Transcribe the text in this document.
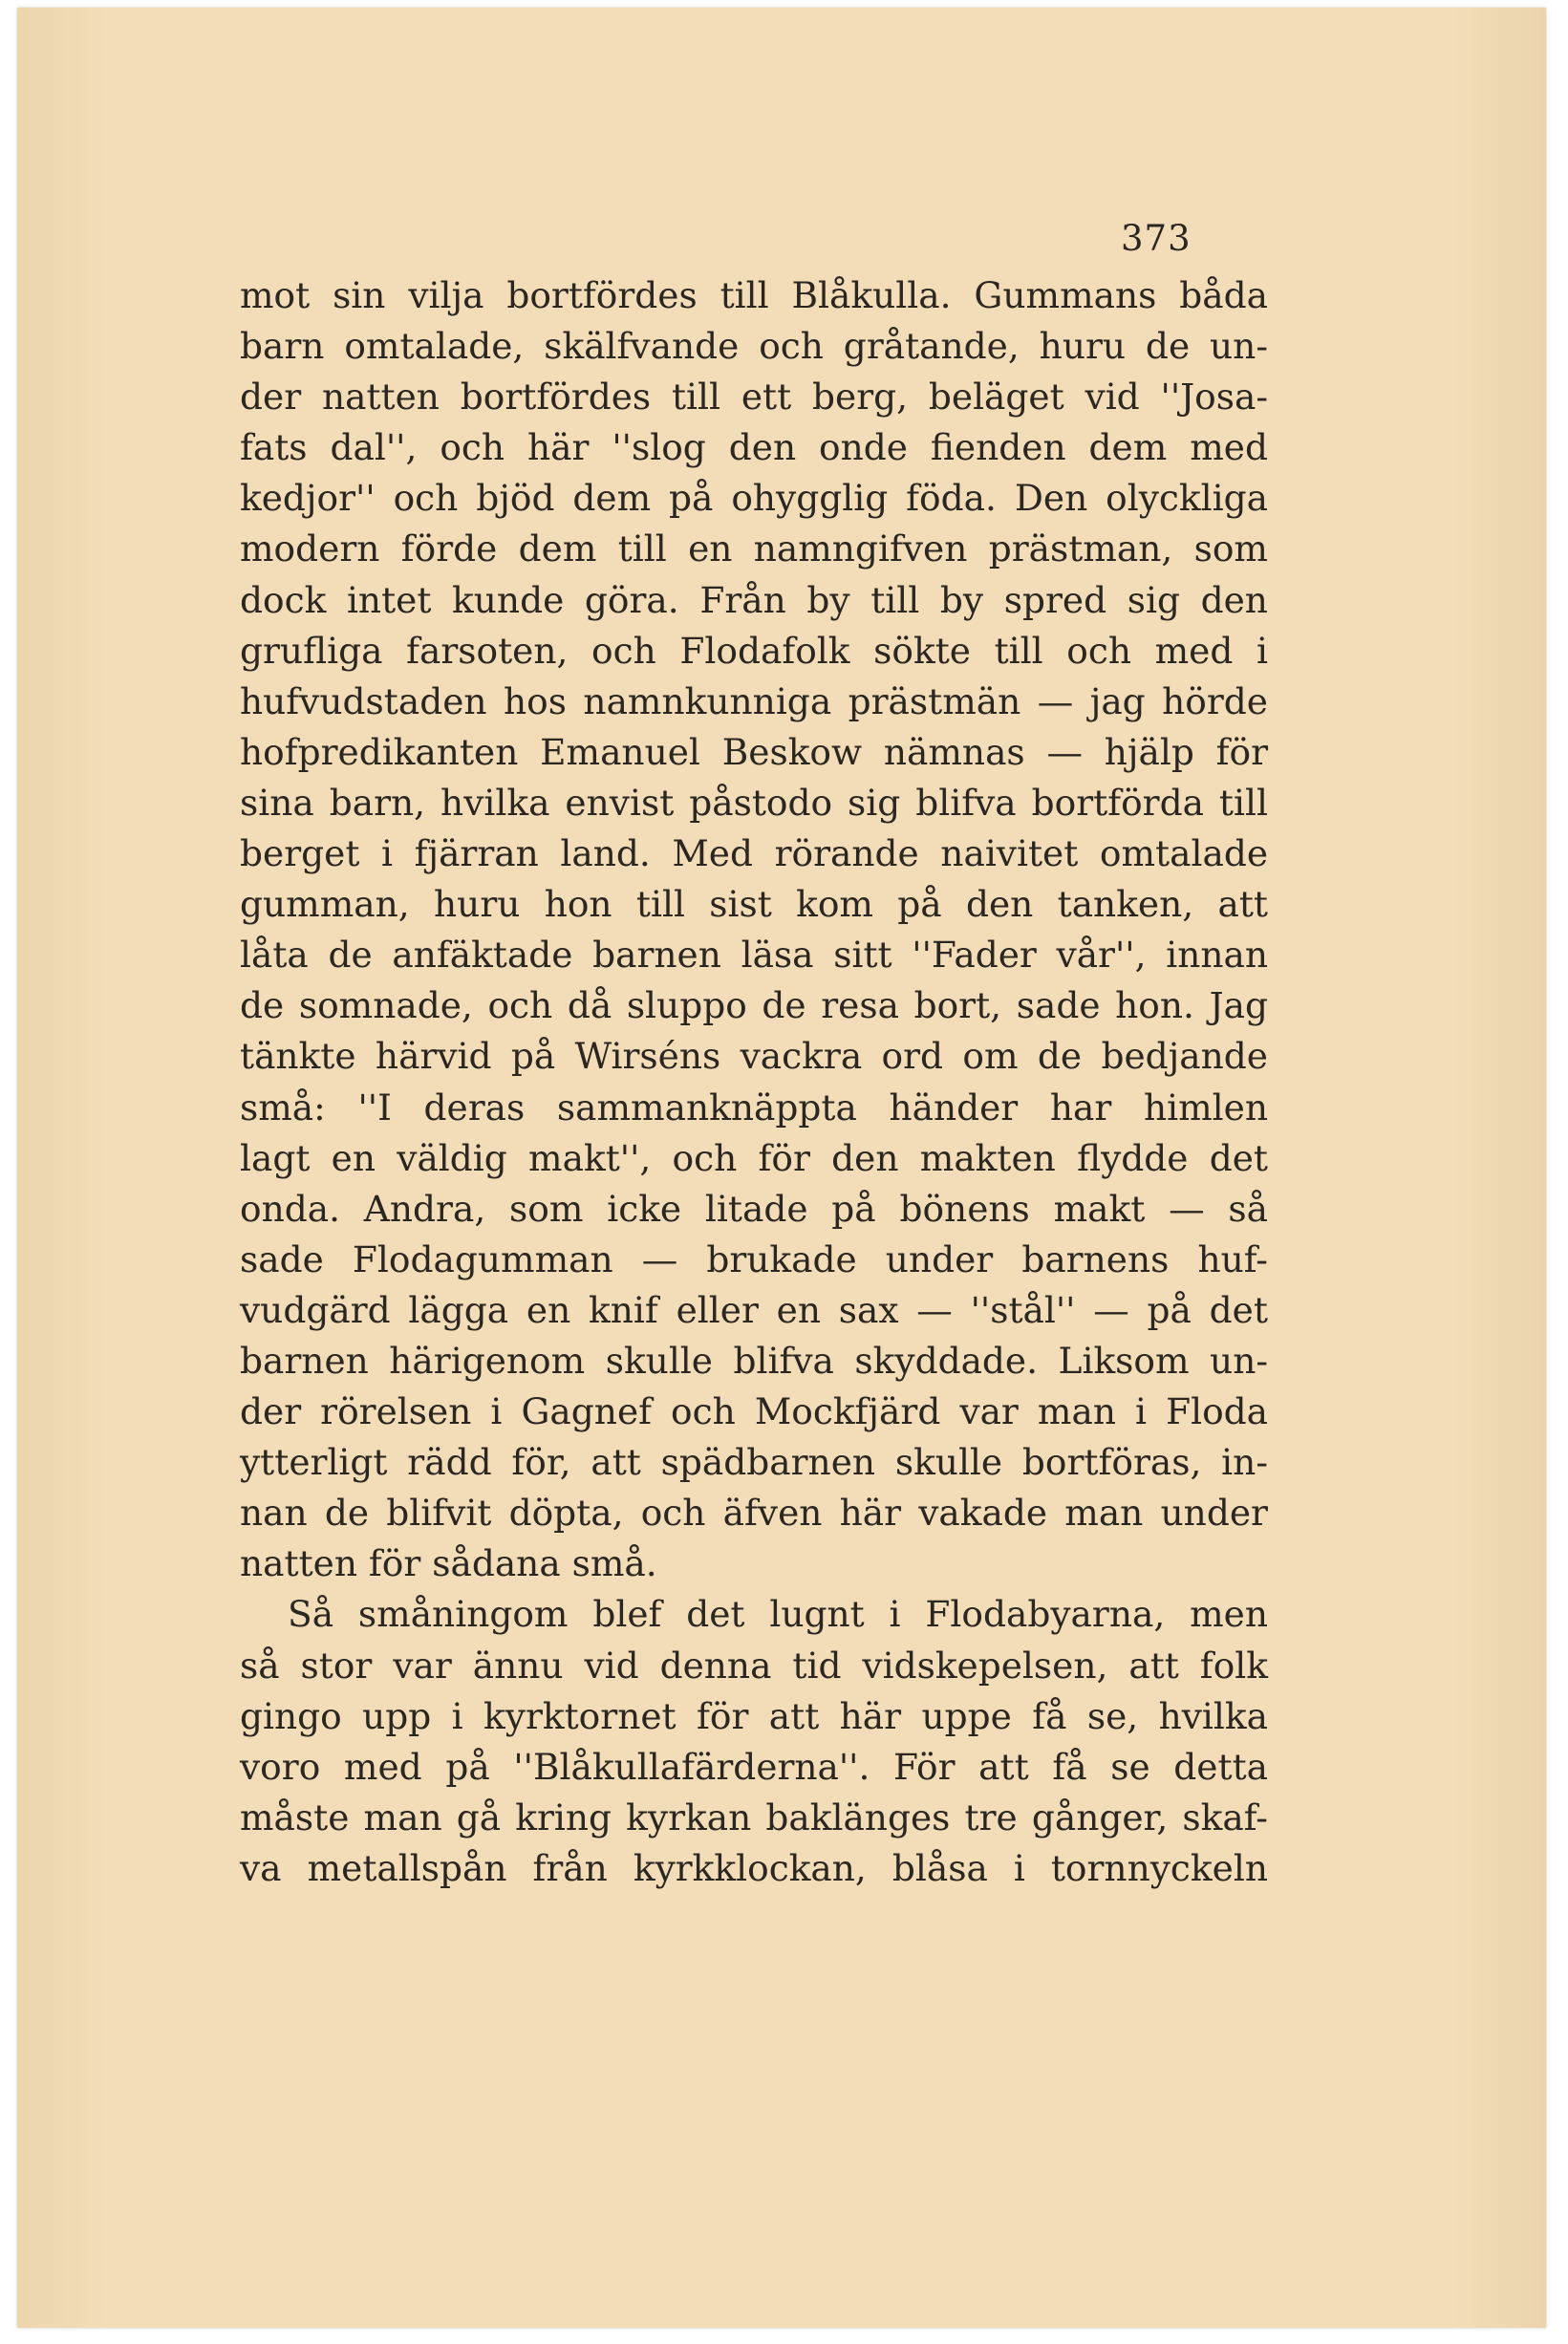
373
mot sin vilja bortfördes till Blåkulla. Gummans båda
barn omtalade, skälfvande och gråtande, huru de un-
der natten bortfördes till ett berg, beläget vid ''Josa-
fats dal'', och här ''slog den onde fienden dem med
kedjor'' och bjöd dem på ohygglig föda. Den olyckliga
modern förde dem till en namngifven prästman, som
dock intet kunde göra. Från by till by spred sig den
grufliga farsoten, och Flodafolk sökte till och med i
hufvudstaden hos namnkunniga prästmän — jag hörde
hofpredikanten Emanuel Beskow nämnas — hjälp för
sina barn, hvilka envist påstodo sig blifva bortförda till
berget i fjärran land. Med rörande naivitet omtalade
gumman, huru hon till sist kom på den tanken, att
låta de anfäktade barnen läsa sitt ''Fader vår'', innan
de somnade, och då sluppo de resa bort, sade hon. Jag
tänkte härvid på Wirséns vackra ord om de bedjande
små: ''I deras sammanknäppta händer har himlen
lagt en väldig makt'', och för den makten flydde det
onda. Andra, som icke litade på bönens makt — så
sade Flodagumman — brukade under barnens huf-
vudgärd lägga en knif eller en sax — ''stål'' — på det
barnen härigenom skulle blifva skyddade. Liksom un-
der rörelsen i Gagnef och Mockfjärd var man i Floda
ytterligt rädd för, att spädbarnen skulle bortföras, in-
nan de blifvit döpta, och äfven här vakade man under
natten för sådana små.
Så småningom blef det lugnt i Flodabyarna, men
så stor var ännu vid denna tid vidskepelsen, att folk
gingo upp i kyrktornet för att här uppe få se, hvilka
voro med på ''Blåkullafärderna''. För att få se detta
måste man gå kring kyrkan baklänges tre gånger, skaf-
va metallspån från kyrkklockan, blåsa i tornnyckeln
